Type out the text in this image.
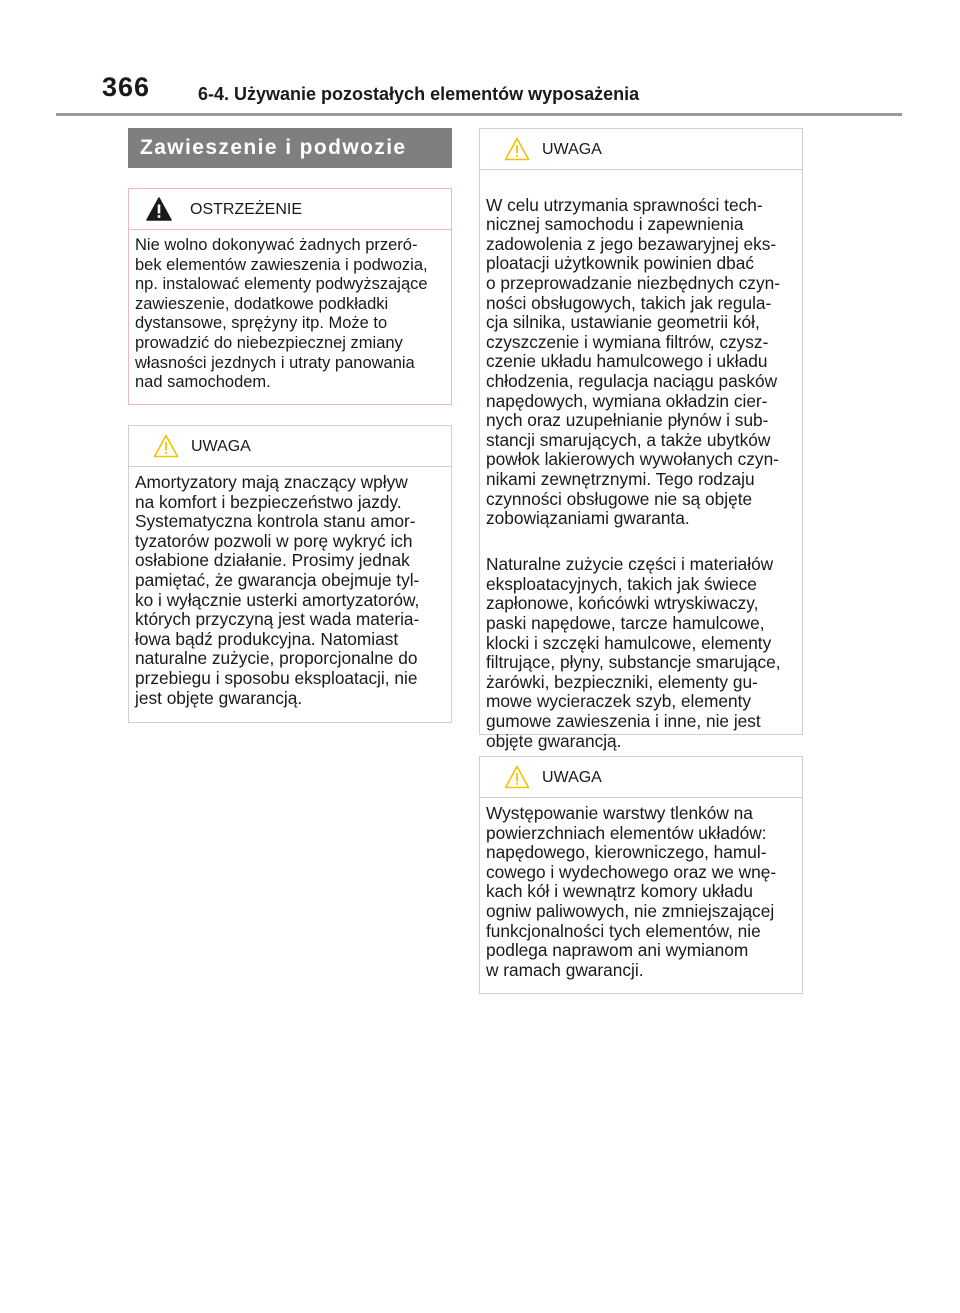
366	6-4. Używanie pozostałych elementów wyposażenia
Zawieszenie i podwozie
OSTRZEŻENIE
Nie wolno dokonywać żadnych przeró-
bek elementów zawieszenia i podwozia,
np. instalować elementy podwyższające
zawieszenie, dodatkowe podkładki
dystansowe, sprężyny itp. Może to
prowadzić do niebezpiecznej zmiany
własności jezdnych i utraty panowania
nad samochodem.
UWAGA
Amortyzatory mają znaczący wpływ
na komfort i bezpieczeństwo jazdy.
Systematyczna kontrola stanu amor-
tyzatorów pozwoli w porę wykryć ich
osłabione działanie. Prosimy jednak
pamiętać, że gwarancja obejmuje tyl-
ko i wyłącznie usterki amortyzatorów,
których przyczyną jest wada materia-
łowa bądź produkcyjna. Natomiast
naturalne zużycie, proporcjonalne do
przebiegu i sposobu eksploatacji, nie
jest objęte gwarancją.
UWAGA

W celu utrzymania sprawności tech-
nicznej samochodu i zapewnienia
zadowolenia z jego bezawaryjnej eks-
ploatacji użytkownik powinien dbać
o przeprowadzanie niezbędnych czyn-
ności obsługowych, takich jak regula-
cja silnika, ustawianie geometrii kół,
czyszczenie i wymiana filtrów, czysz-
czenie układu hamulcowego i układu
chłodzenia, regulacja naciągu pasków
napędowych, wymiana okładzin cier-
nych oraz uzupełnianie płynów i sub-
stancji smarujących, a także ubytków
powłok lakierowych wywołanych czyn-
nikami zewnętrznymi. Tego rodzaju
czynności obsługowe nie są objęte
zobowiązaniami gwaranta.

Naturalne zużycie części i materiałów
eksploatacyjnych, takich jak świece
zapłonowe, końcówki wtryskiwaczy,
paski napędowe, tarcze hamulcowe,
klocki i szczęki hamulcowe, elementy
filtrujące, płyny, substancje smarujące,
żarówki, bezpieczniki, elementy gu-
mowe wycieraczek szyb, elementy
gumowe zawieszenia i inne, nie jest
objęte gwarancją.

UWAGA
Występowanie warstwy tlenków na
powierzchniach elementów układów:
napędowego, kierowniczego, hamul-
cowego i wydechowego oraz we wnę-
kach kół i wewnątrz komory układu
ogniw paliwowych, nie zmniejszającej
funkcjonalności tych elementów, nie
podlega naprawom ani wymianom
w ramach gwarancji.
